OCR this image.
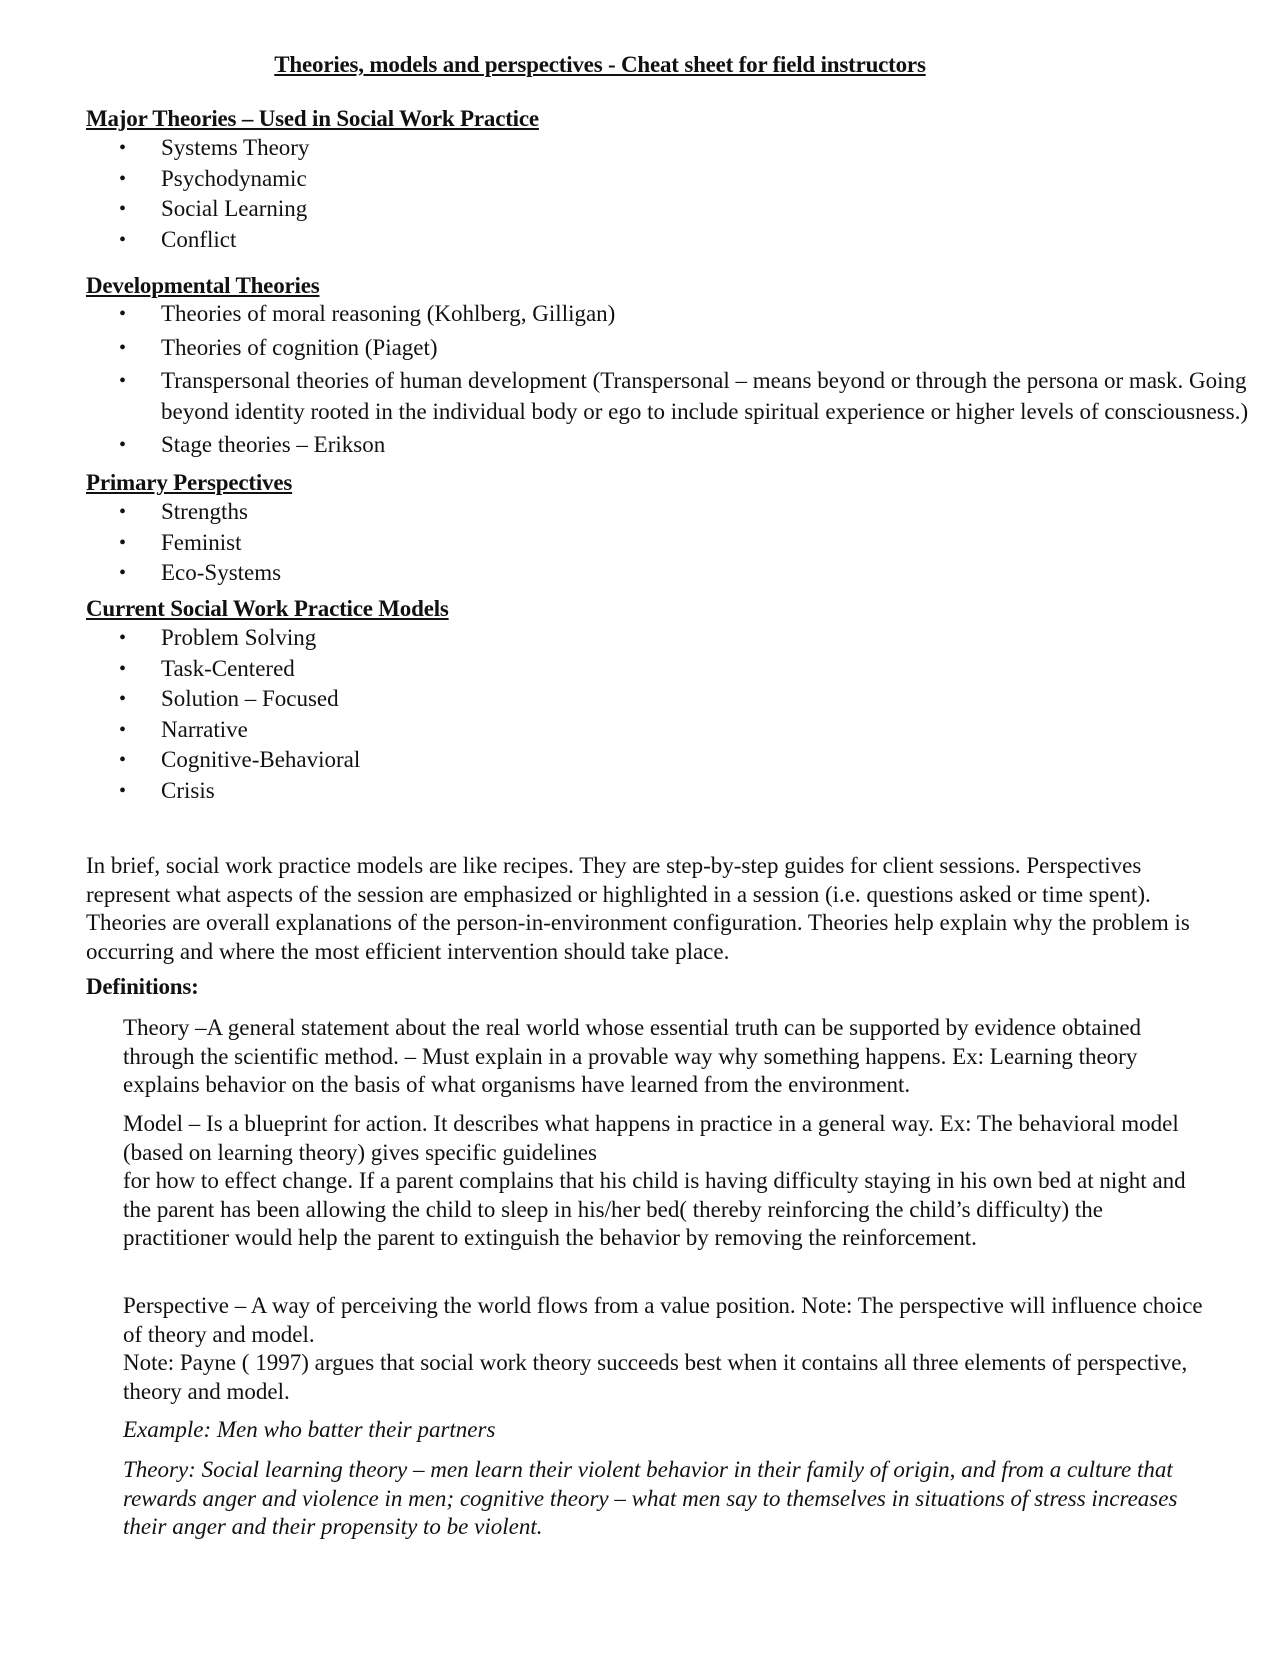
Theories, models and perspectives - Cheat sheet for field instructors
Major Theories – Used in Social Work Practice
• Systems Theory
• Psychodynamic
• Social Learning
• Conflict
Developmental Theories
• Theories of moral reasoning (Kohlberg, Gilligan)
• Theories of cognition (Piaget)
• Transpersonal theories of human development (Transpersonal – means beyond or through the persona or mask. Going beyond identity rooted in the individual body or ego to include spiritual experience or higher levels of consciousness.)
• Stage theories – Erikson
Primary Perspectives
• Strengths
• Feminist
• Eco-Systems
Current Social Work Practice Models
• Problem Solving
• Task-Centered
• Solution – Focused
• Narrative
• Cognitive-Behavioral
• Crisis

In brief, social work practice models are like recipes. They are step-by-step guides for client sessions. Perspectives represent what aspects of the session are emphasized or highlighted in a session (i.e. questions asked or time spent). Theories are overall explanations of the person-in-environment configuration. Theories help explain why the problem is occurring and where the most efficient intervention should take place.

Definitions:

Theory –A general statement about the real world whose essential truth can be supported by evidence obtained through the scientific method. – Must explain in a provable way why something happens. Ex: Learning theory explains behavior on the basis of what organisms have learned from the environment.

Model – Is a blueprint for action. It describes what happens in practice in a general way. Ex: The behavioral model (based on learning theory) gives specific guidelines

for how to effect change. If a parent complains that his child is having difficulty staying in his own bed at night and the parent has been allowing the child to sleep in his/her bed( thereby reinforcing the child’s difficulty) the practitioner would help the parent to extinguish the behavior by removing the reinforcement.

Perspective – A way of perceiving the world flows from a value position. Note: The perspective will influence choice of theory and model.

Note: Payne ( 1997) argues that social work theory succeeds best when it contains all three elements of perspective, theory and model.

Example: Men who batter their partners

Theory: Social learning theory – men learn their violent behavior in their family of origin, and from a culture that rewards anger and violence in men; cognitive theory – what men say to themselves in situations of stress increases their anger and their propensity to be violent.
